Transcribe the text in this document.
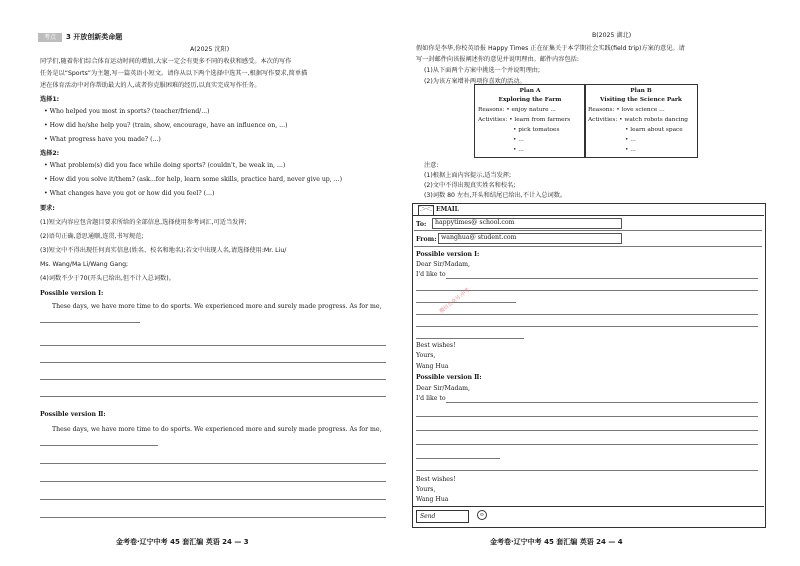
考点	3 开放创新类命题
A(2025 沈阳)
同学们,随着你们综合体育运动时间的增加,大家一定会有更多不同的收获和感受。本次的写作
任务是以“Sports”为主题,写一篇英语小短文。请你从以下两个选择中选其一,根据写作要求,简单描
述在体育活动中对你帮助最大的人,或者你克服困难的经历,以真实完成写作任务。
选择1:
• Who helped you most in sports? (teacher/friend/...)
• How did he/she help you? (train, show, encourage, have an influence on, ...)
• What progress have you made? (...)
选择2:
• What problem(s) did you face while doing sports? (couldn't, be weak in, ...)
• How did you solve it/them? (ask...for help, learn some skills, practice hard, never give up, ...)
• What changes have you got or how did you feel? (...)
要求:
(1)短文内容应包含题目要求所给的全部信息,选择使用参考词汇,可适当发挥;
(2)语句正确,意思通顺,连贯,书写规范;
(3)短文中不得出现任何真实信息(姓名、校名和地名);若文中出现人名,请选择使用:Mr. Liu/
Ms. Wang/Ma Li/Wang Gang;
(4)词数不少于70(开头已给出,但不计入总词数)。
Possible version Ⅰ:
These days, we have more time to do sports. We experienced more and surely made progress. As for me,
Possible version Ⅱ:
These days, we have more time to do sports. We experienced more and surely made progress. As for me,
金考卷·辽宁中考 45 套汇编 英语 24 — 3
B(2025 湖北)
假如你是李华,你校英语报 Happy Times 正在征集关于本学期社会实践(field trip)方案的意见。请
写一封邮件向该报阐述你的意见并说明理由。邮件内容包括:
(1)从下面两个方案中挑选一个并说明理由;
(2)为该方案增补两项你喜欢的活动。
Plan A
Exploring the Farm
Reasons: • enjoy nature ...
Activities: • learn from farmers
• pick tomatoes
• ...
• ...
Plan B
Visiting the Science Park
Reasons: • love science ...
Activities: • watch robots dancing
• learn about space
• ...
• ...
注意:
(1)根据上面内容提示,适当发挥;
(2)文中不得出现真实姓名和校名;
(3)词数 80 左右,开头和结尾已给出,不计入总词数。
EMAIL
To: happytimes@ school.com
From: wanghua@ student.com
Possible version Ⅰ:
Dear Sir/Madam,
I'd like to
Best wishes!
Yours,
Wang Hua
Possible version Ⅱ:
Dear Sir/Madam,
I'd like to
Best wishes!
Yours,
Wang Hua
Send	⊙
微信公众号:中考
金考卷·辽宁中考 45 套汇编 英语 24 — 4
